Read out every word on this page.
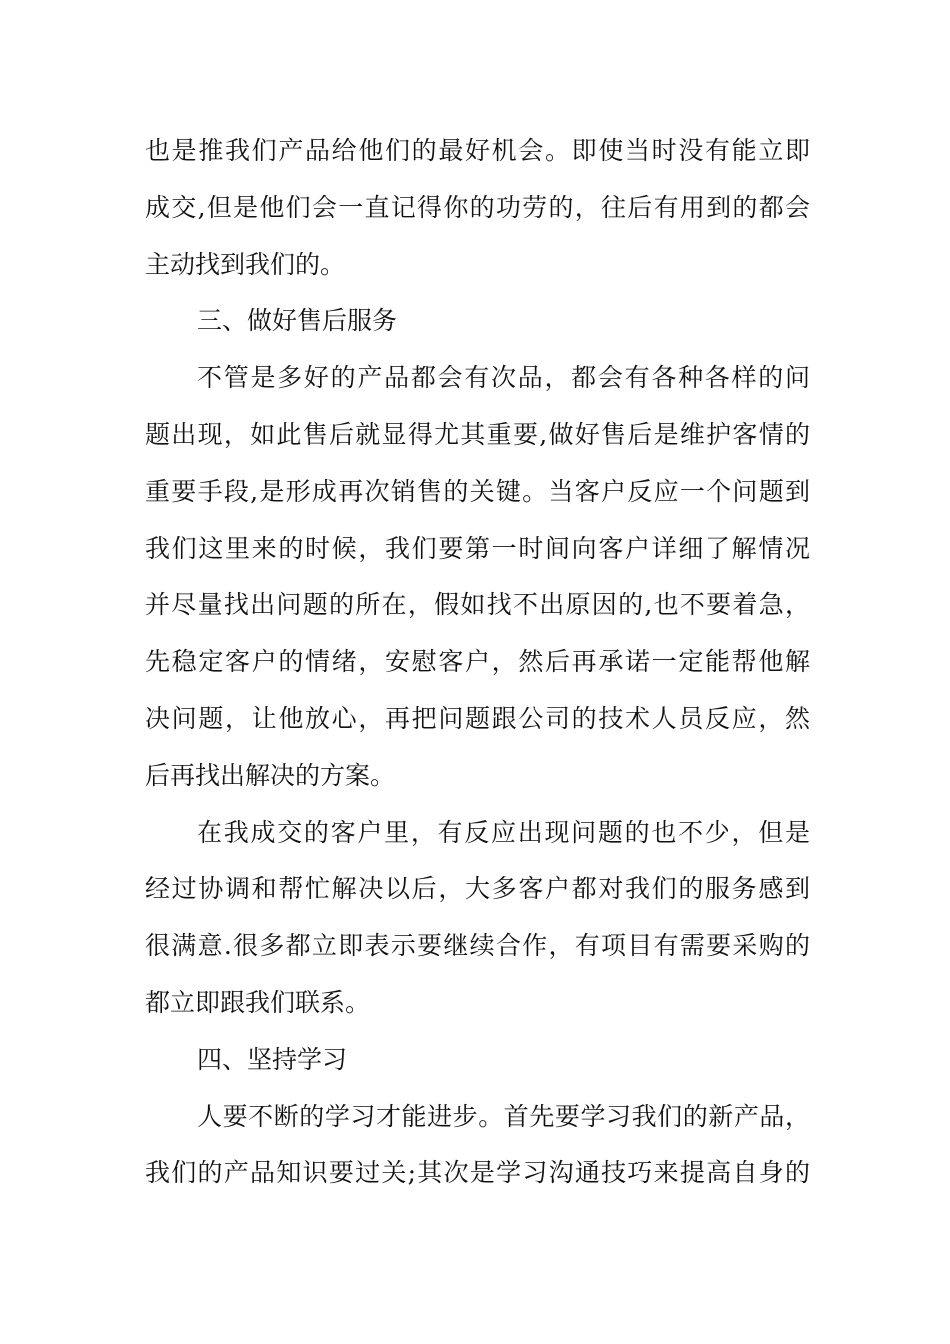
也是推我们产品给他们的最好机会。即使当时没有能立即
成交,但是他们会一直记得你的功劳的，往后有用到的都会
主动找到我们的。
三、做好售后服务
不管是多好的产品都会有次品，都会有各种各样的问
题出现，如此售后就显得尤其重要,做好售后是维护客情的
重要手段,是形成再次销售的关键。当客户反应一个问题到
我们这里来的时候，我们要第一时间向客户详细了解情况
并尽量找出问题的所在，假如找不出原因的,也不要着急，
先稳定客户的情绪，安慰客户，然后再承诺一定能帮他解
决问题，让他放心，再把问题跟公司的技术人员反应，然
后再找出解决的方案。
在我成交的客户里，有反应出现问题的也不少，但是
经过协调和帮忙解决以后，大多客户都对我们的服务感到
很满意.很多都立即表示要继续合作，有项目有需要采购的
都立即跟我们联系。
四、坚持学习
人要不断的学习才能进步。首先要学习我们的新产品，
我们的产品知识要过关;其次是学习沟通技巧来提高自身的
